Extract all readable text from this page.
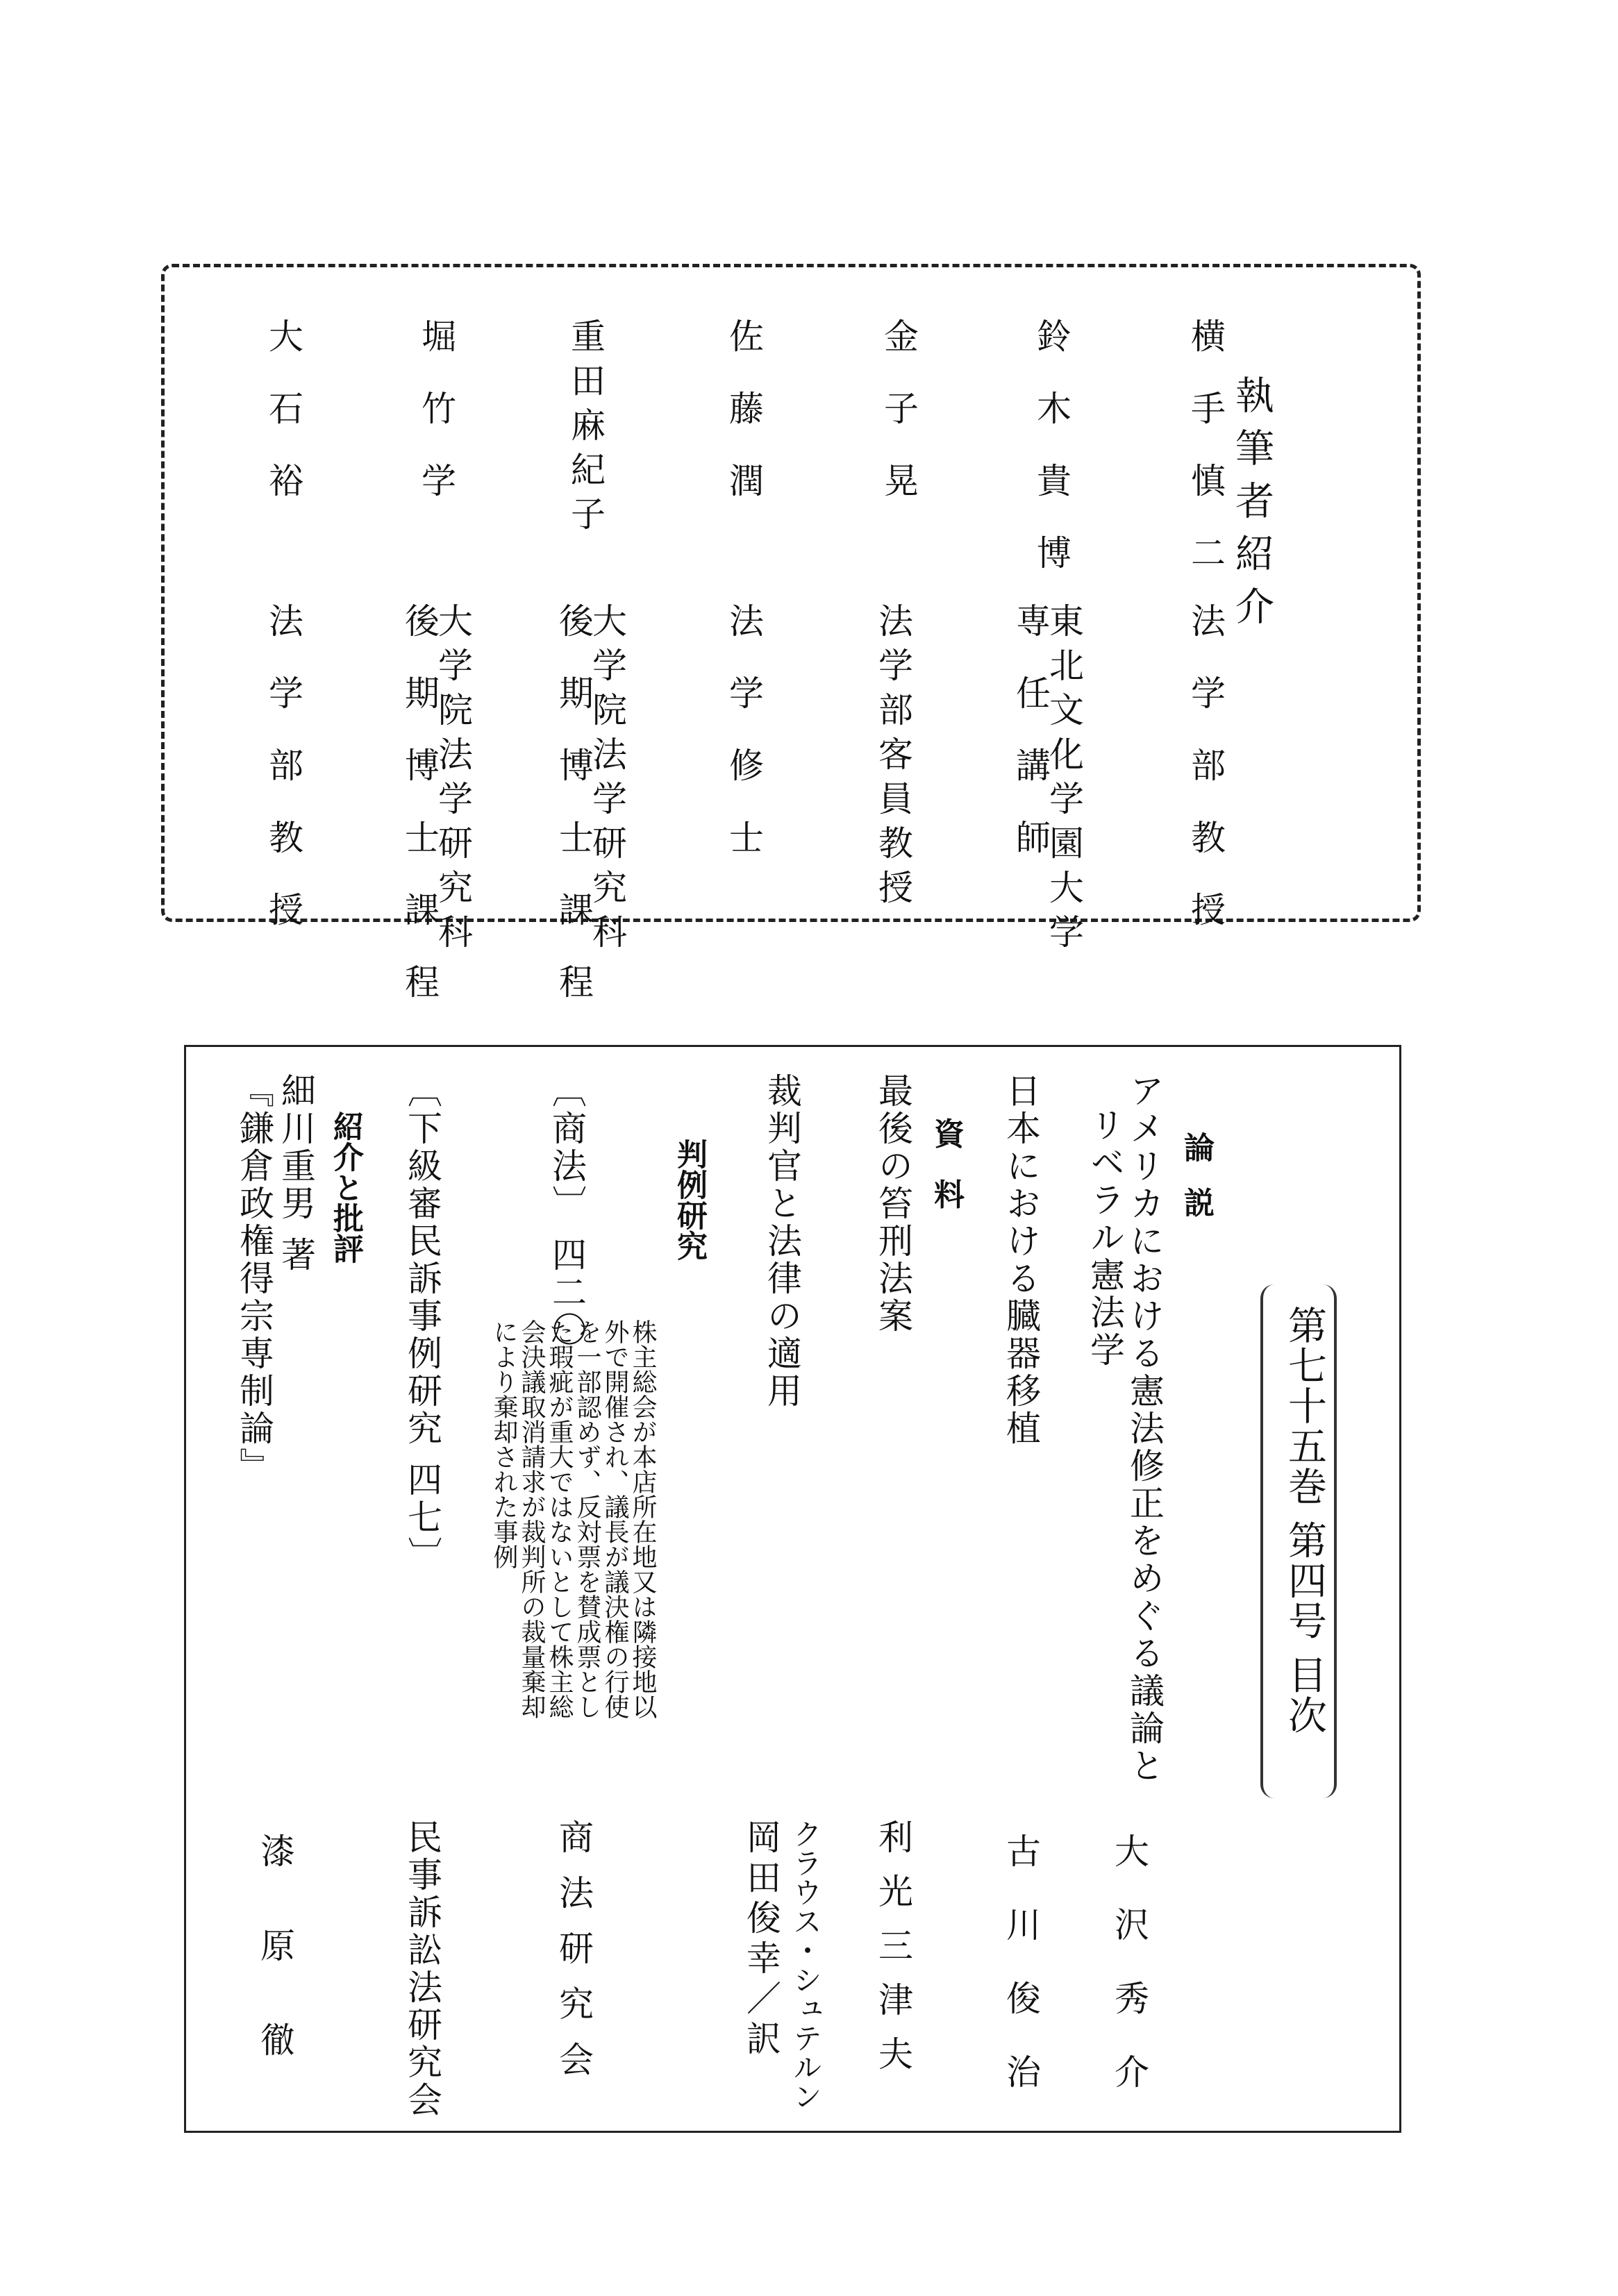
執筆者紹介
横手慎二
法学部教授
鈴木貴博
東北文化学園大学
専任講師
金子晃
法学部客員教授
佐藤潤
法学修士
重田麻紀子
大学院法学研究科
後期博士課程
堀竹学
大学院法学研究科
後期博士課程
大石裕
法学部教授
第七十五巻 第四号 目次
論 説
アメリカにおける憲法修正をめぐる議論と
リベラル憲法学
大沢秀介
日本における臓器移植
古川俊治
資 料
最後の笞刑法案
利光三津夫
裁判官と法律の適用
クラウス・シュテルン
岡田俊幸／訳
判例研究
〔商法〕 四二〇
商法研究会
株主総会が本店所在地又は隣接地以
外で開催され、議長が議決権の行使
を一部認めず、反対票を賛成票とし
た瑕疵が重大ではないとして株主総
会決議取消請求が裁判所の裁量棄却
により棄却された事例
〔下級審民訴事例研究 四七〕
民事訴訟法研究会
紹介と批評
細川重男 著
『鎌倉政権得宗専制論』
漆原徹
